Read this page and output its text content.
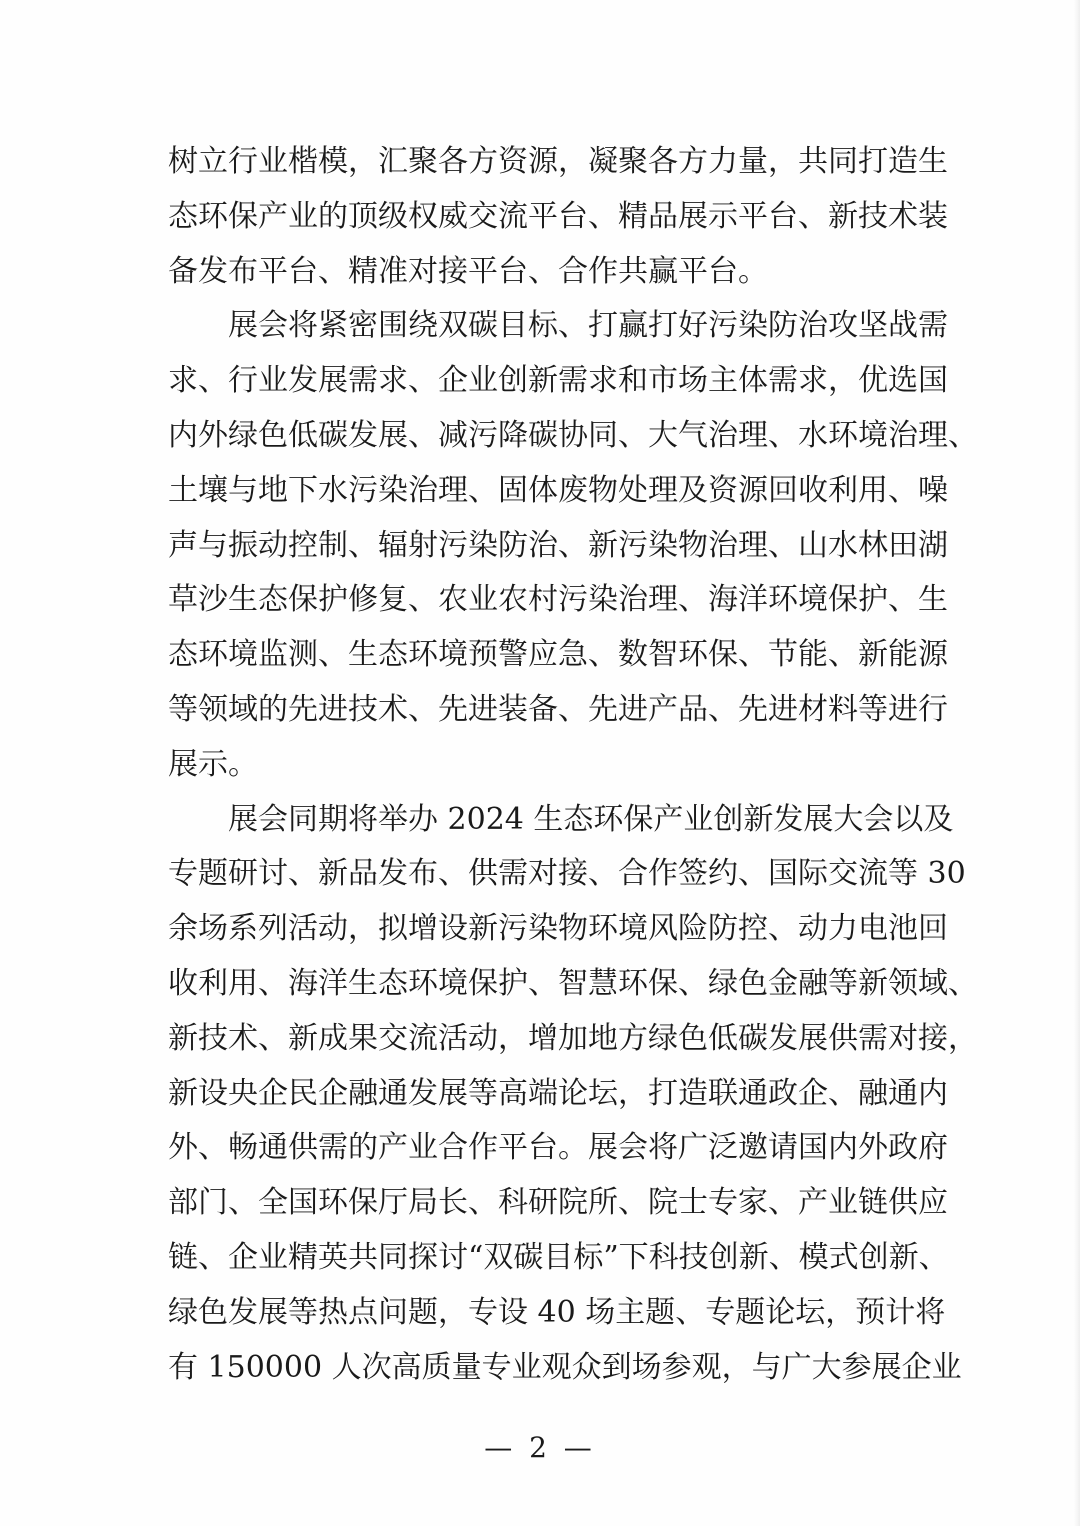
树立行业楷模，汇聚各方资源，凝聚各方力量，共同打造生
态环保产业的顶级权威交流平台、精品展示平台、新技术装
备发布平台、精准对接平台、合作共赢平台。
展会将紧密围绕双碳目标、打赢打好污染防治攻坚战需
求、行业发展需求、企业创新需求和市场主体需求，优选国
内外绿色低碳发展、减污降碳协同、大气治理、水环境治理、
土壤与地下水污染治理、固体废物处理及资源回收利用、噪
声与振动控制、辐射污染防治、新污染物治理、山水林田湖
草沙生态保护修复、农业农村污染治理、海洋环境保护、生
态环境监测、生态环境预警应急、数智环保、节能、新能源
等领域的先进技术、先进装备、先进产品、先进材料等进行
展示。
展会同期将举办 2024 生态环保产业创新发展大会以及
专题研讨、新品发布、供需对接、合作签约、国际交流等 30
余场系列活动，拟增设新污染物环境风险防控、动力电池回
收利用、海洋生态环境保护、智慧环保、绿色金融等新领域、
新技术、新成果交流活动，增加地方绿色低碳发展供需对接，
新设央企民企融通发展等高端论坛，打造联通政企、融通内
外、畅通供需的产业合作平台。展会将广泛邀请国内外政府
部门、全国环保厅局长、科研院所、院士专家、产业链供应
链、企业精英共同探讨“双碳目标”下科技创新、模式创新、
绿色发展等热点问题，专设 40 场主题、专题论坛，预计将
有 150000 人次高质量专业观众到场参观，与广大参展企业
— 2 —
